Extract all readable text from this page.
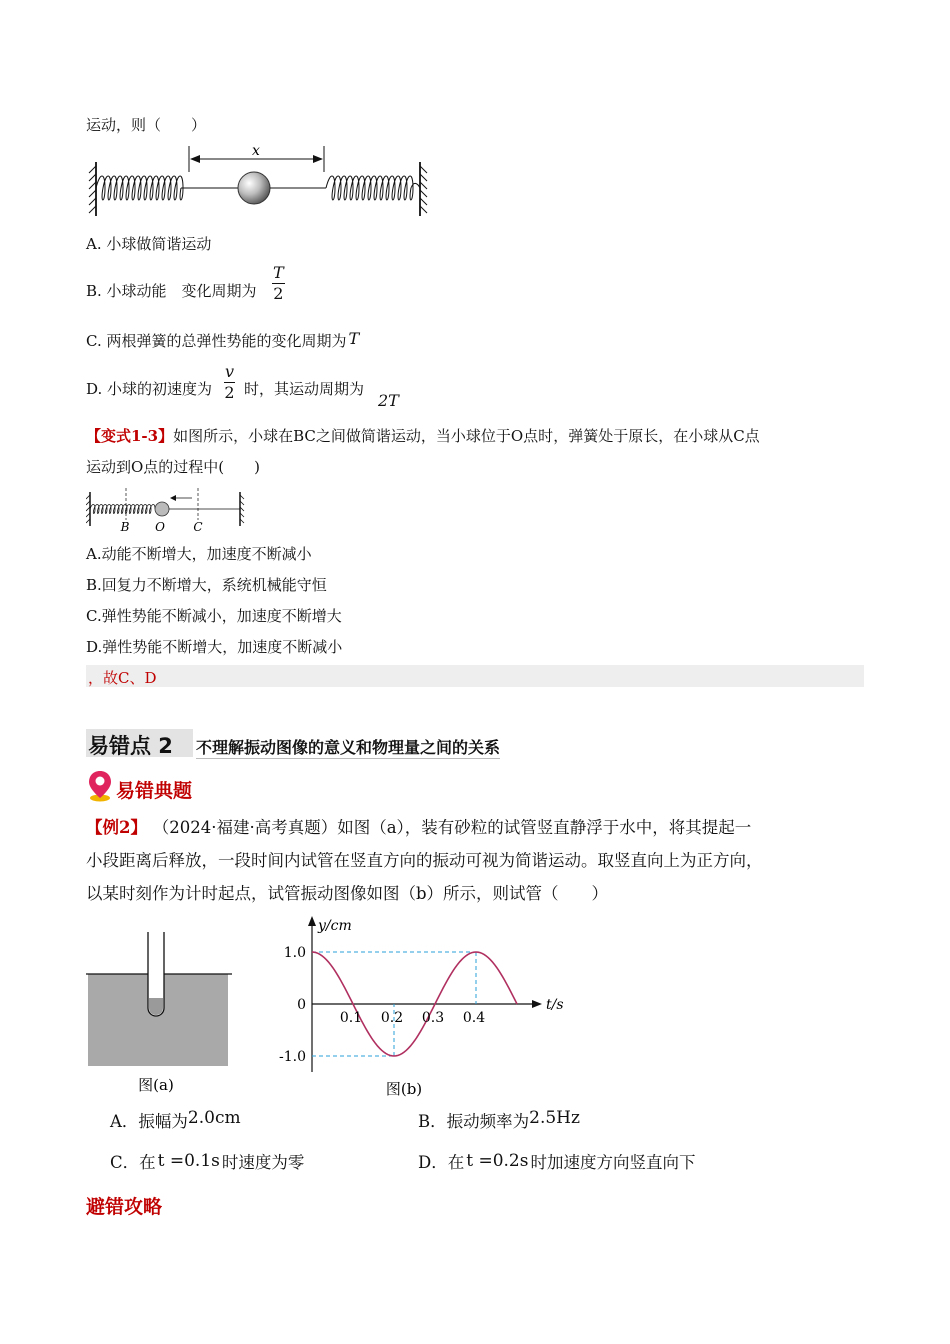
运动，则（　　）
x
A. 小球做简谐运动
B. 小球动能　变化周期为 $\frac{T}{2}$
C. 两根弹簧的总弹性势能的变化周期为 T
D. 小球的初速度为 $\frac{v}{2}$ 时，其运动周期为
2T
【变式1-3】如图所示，小球在BC之间做简谐运动，当小球位于O点时，弹簧处于原长，在小球从C点
运动到O点的过程中(　　)
B O C
A.动能不断增大，加速度不断减小
B.回复力不断增大，系统机械能守恒
C.弹性势能不断减小，加速度不断增大
D.弹性势能不断增大，加速度不断减小
，故C、D
易错点 2 不理解振动图像的意义和物理量之间的关系
易错典题
【例2】 （2024·福建·高考真题）如图（a），装有砂粒的试管竖直静浮于水中，将其提起一
小段距离后释放，一段时间内试管在竖直方向的振动可视为简谐运动。取竖直向上为正方向，
以某时刻作为计时起点，试管振动图像如图（b）所示，则试管（　　）
图(a)
y/cm
t/s
0.1 0.2 0.3 0.4
1.0
0
-1.0
图(b)
A．振幅为2.0cm	B．振动频率为2.5Hz
C．在 t =0.1s 时速度为零	D．在 t =0.2s 时加速度方向竖直向下
避错攻略
